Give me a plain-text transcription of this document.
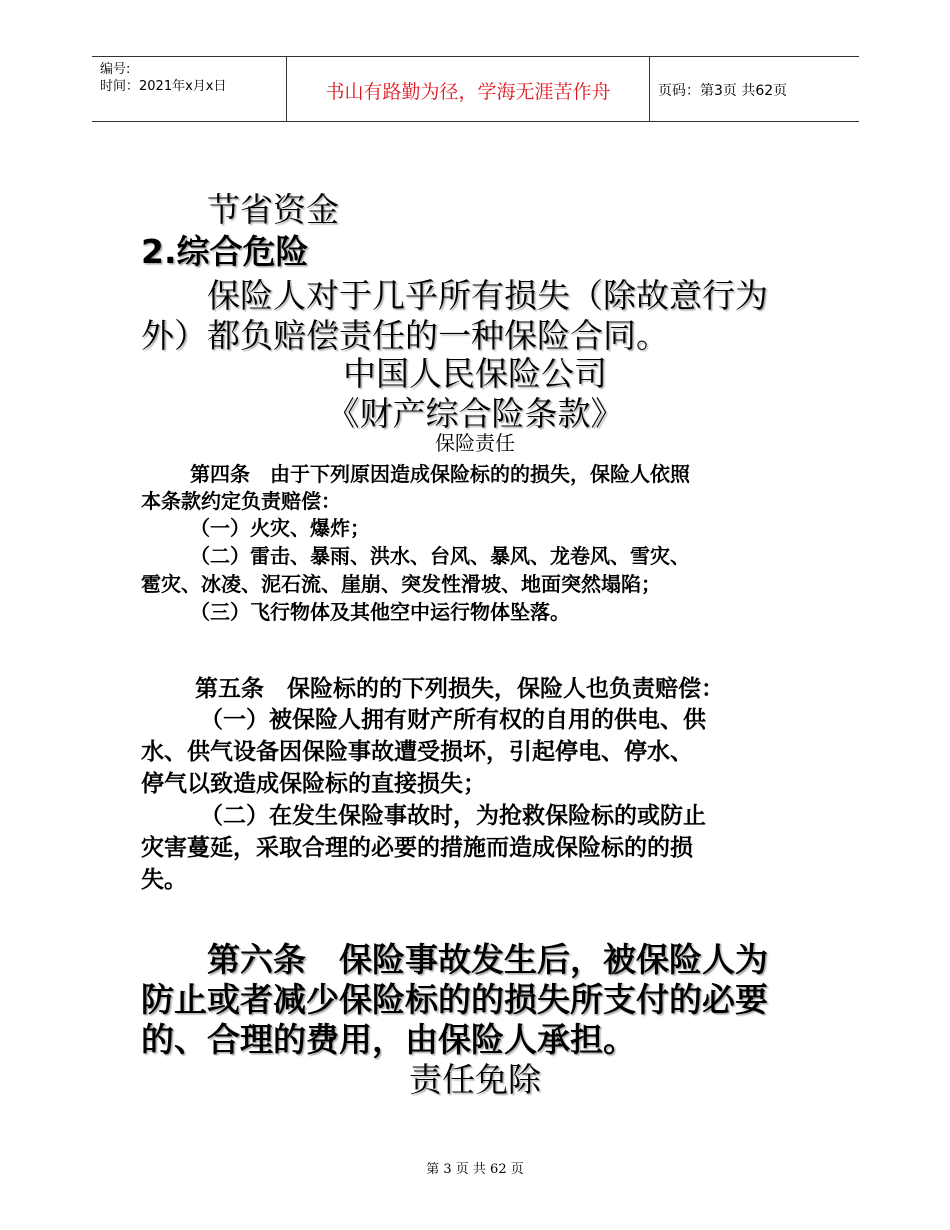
编号:
时间：2021年x月x日	书山有路勤为径，学海无涯苦作舟	页码：第3页 共62页
节省资金
2.综合危险
保险人对于几乎所有损失（除故意行为
外）都负赔偿责任的一种保险合同。
中国人民保险公司
《财产综合险条款》
保险责任
第四条　由于下列原因造成保险标的的损失，保险人依照
本条款约定负责赔偿：
（一）火灾、爆炸；
（二）雷击、暴雨、洪水、台风、暴风、龙卷风、雪灾、
雹灾、冰凌、泥石流、崖崩、突发性滑坡、地面突然塌陷；
（三）飞行物体及其他空中运行物体坠落。
第五条　保险标的的下列损失，保险人也负责赔偿：
（一）被保险人拥有财产所有权的自用的供电、供
水、供气设备因保险事故遭受损坏，引起停电、停水、
停气以致造成保险标的直接损失；
（二）在发生保险事故时，为抢救保险标的或防止
灾害蔓延，采取合理的必要的措施而造成保险标的的损
失。
第六条　保险事故发生后，被保险人为
防止或者减少保险标的的损失所支付的必要
的、合理的费用，由保险人承担。
责任免除
第 3 页 共 62 页
